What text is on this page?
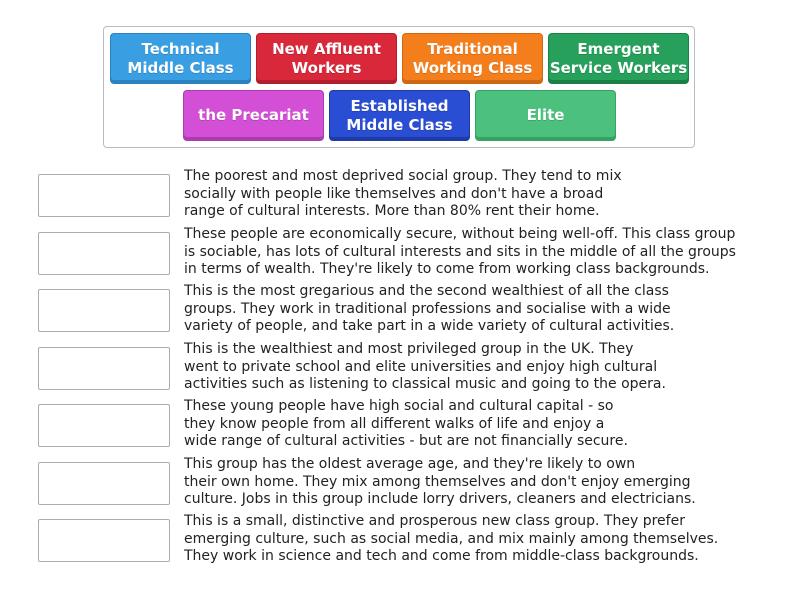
Technical
Middle Class
New Affluent
Workers
Traditional
Working Class
Emergent
Service Workers
the Precariat
Established
Middle Class
Elite
The poorest and most deprived social group. They tend to mix
socially with people like themselves and don't have a broad
range of cultural interests. More than 80% rent their home.
These people are economically secure, without being well-off. This class group
is sociable, has lots of cultural interests and sits in the middle of all the groups
in terms of wealth. They're likely to come from working class backgrounds.
This is the most gregarious and the second wealthiest of all the class
groups. They work in traditional professions and socialise with a wide
variety of people, and take part in a wide variety of cultural activities.
This is the wealthiest and most privileged group in the UK. They
went to private school and elite universities and enjoy high cultural
activities such as listening to classical music and going to the opera.
These young people have high social and cultural capital - so
they know people from all different walks of life and enjoy a
wide range of cultural activities - but are not financially secure.
This group has the oldest average age, and they're likely to own
their own home. They mix among themselves and don't enjoy emerging
culture. Jobs in this group include lorry drivers, cleaners and electricians.
This is a small, distinctive and prosperous new class group. They prefer
emerging culture, such as social media, and mix mainly among themselves.
They work in science and tech and come from middle-class backgrounds.
